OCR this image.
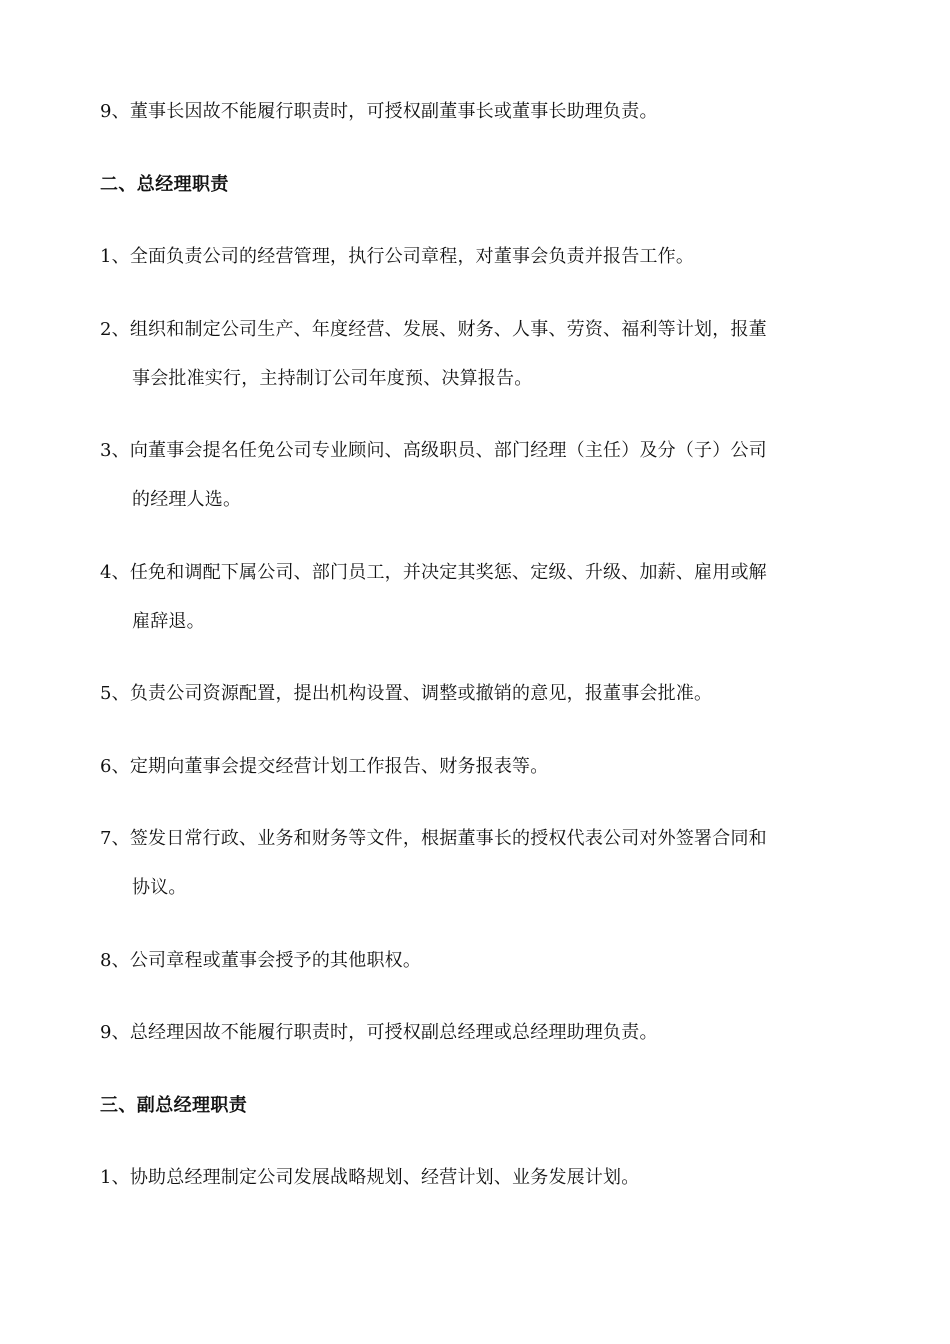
9、董事长因故不能履行职责时，可授权副董事长或董事长助理负责。
二、总经理职责
1、全面负责公司的经营管理，执行公司章程，对董事会负责并报告工作。
2、组织和制定公司生产、年度经营、发展、财务、人事、劳资、福利等计划，报董
事会批准实行，主持制订公司年度预、决算报告。
3、向董事会提名任免公司专业顾问、高级职员、部门经理（主任）及分（子）公司
的经理人选。
4、任免和调配下属公司、部门员工，并决定其奖惩、定级、升级、加薪、雇用或解
雇辞退。
5、负责公司资源配置，提出机构设置、调整或撤销的意见，报董事会批准。
6、定期向董事会提交经营计划工作报告、财务报表等。
7、签发日常行政、业务和财务等文件，根据董事长的授权代表公司对外签署合同和
协议。
8、公司章程或董事会授予的其他职权。
9、总经理因故不能履行职责时，可授权副总经理或总经理助理负责。
三、副总经理职责
1、协助总经理制定公司发展战略规划、经营计划、业务发展计划。
